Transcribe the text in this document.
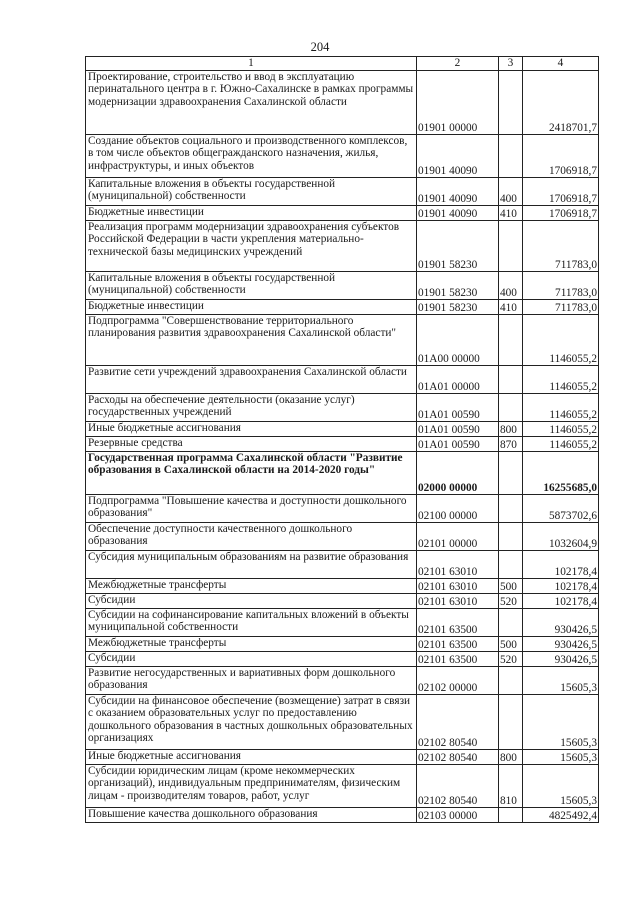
204
1	2	3	4
Проектирование, строительство и ввод в эксплуатацию перинатального центра в г. Южно-Сахалинске в рамках программы модернизации здравоохранения Сахалинской области	01901 00000		2418701,7
Создание объектов социального и производственного комплексов, в том числе объектов общегражданского назначения, жилья, инфраструктуры, и иных объектов	01901 40090		1706918,7
Капитальные вложения в объекты государственной (муниципальной) собственности	01901 40090	400	1706918,7
Бюджетные инвестиции	01901 40090	410	1706918,7
Реализация программ модернизации здравоохранения субъектов Российской Федерации в части укрепления материально-технической базы медицинских учреждений	01901 58230		711783,0
Капитальные вложения в объекты государственной (муниципальной) собственности	01901 58230	400	711783,0
Бюджетные инвестиции	01901 58230	410	711783,0
Подпрограмма "Совершенствование территориального планирования развития здравоохранения Сахалинской области"	01А00 00000		1146055,2
Развитие сети учреждений здравоохранения Сахалинской области	01А01 00000		1146055,2
Расходы на обеспечение деятельности (оказание услуг) государственных учреждений	01А01 00590		1146055,2
Иные бюджетные ассигнования	01А01 00590	800	1146055,2
Резервные средства	01А01 00590	870	1146055,2
Государственная программа Сахалинской области "Развитие образования в Сахалинской области на 2014-2020 годы"	02000 00000		16255685,0
Подпрограмма "Повышение качества и доступности дошкольного образования"	02100 00000		5873702,6
Обеспечение доступности качественного дошкольного образования	02101 00000		1032604,9
Субсидия муниципальным образованиям на развитие образования	02101 63010		102178,4
Межбюджетные трансферты	02101 63010	500	102178,4
Субсидии	02101 63010	520	102178,4
Субсидии на софинансирование капитальных вложений в объекты муниципальной собственности	02101 63500		930426,5
Межбюджетные трансферты	02101 63500	500	930426,5
Субсидии	02101 63500	520	930426,5
Развитие негосударственных и вариативных форм дошкольного образования	02102 00000		15605,3
Субсидии на финансовое обеспечение (возмещение) затрат в связи с оказанием образовательных услуг по предоставлению дошкольного образования в частных дошкольных образовательных организациях	02102 80540		15605,3
Иные бюджетные ассигнования	02102 80540	800	15605,3
Субсидии юридическим лицам (кроме некоммерческих организаций), индивидуальным предпринимателям, физическим лицам - производителям товаров, работ, услуг	02102 80540	810	15605,3
Повышение качества дошкольного образования	02103 00000		4825492,4
